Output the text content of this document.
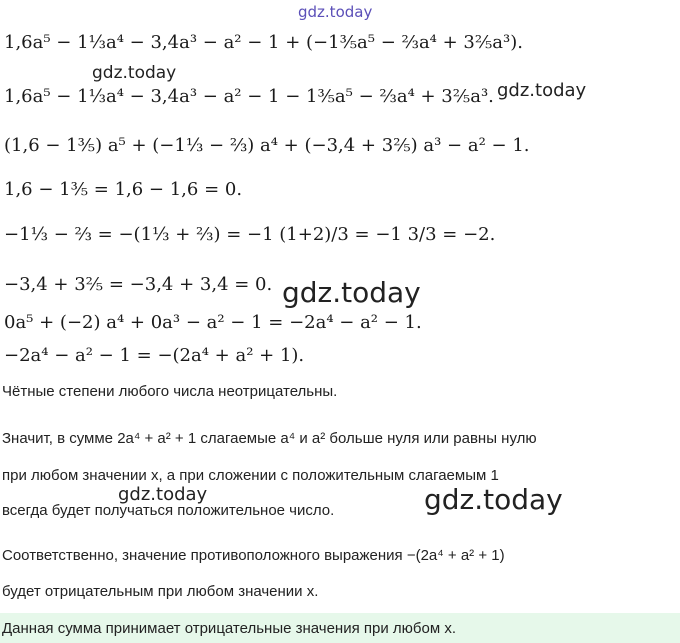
gdz.today
1,6a⁵ − 1⅓a⁴ − 3,4a³ − a² − 1 + (−1⅗a⁵ − ⅔a⁴ + 3⅖a³).
1,6a⁵ − 1⅓a⁴ − 3,4a³ − a² − 1 − 1⅗a⁵ − ⅔a⁴ + 3⅖a³.
(1,6 − 1⅗) a⁵ + (−1⅓ − ⅔) a⁴ + (−3,4 + 3⅖) a³ − a² − 1.
1,6 − 1⅗ = 1,6 − 1,6 = 0.
−1⅓ − ⅔ = −(1⅓ + ⅔) = −1 (1+2)/3 = −1 3/3 = −2.
−3,4 + 3⅖ = −3,4 + 3,4 = 0.
0a⁵ + (−2) a⁴ + 0a³ − a² − 1 = −2a⁴ − a² − 1.
−2a⁴ − a² − 1 = −(2a⁴ + a² + 1).
gdz.today
gdz.today
gdz.today
Чётные степени любого числа неотрицательны.
Значит, в сумме 2a⁴ + a² + 1 слагаемые a⁴ и a² больше нуля или равны нулю
при любом значении x, а при сложении с положительным слагаемым 1
всегда будет получаться положительное число.
Соответственно, значение противоположного выражения −(2a⁴ + a² + 1)
будет отрицательным при любом значении x.
gdz.today	gdz.today
Данная сумма принимает отрицательные значения при любом x.
